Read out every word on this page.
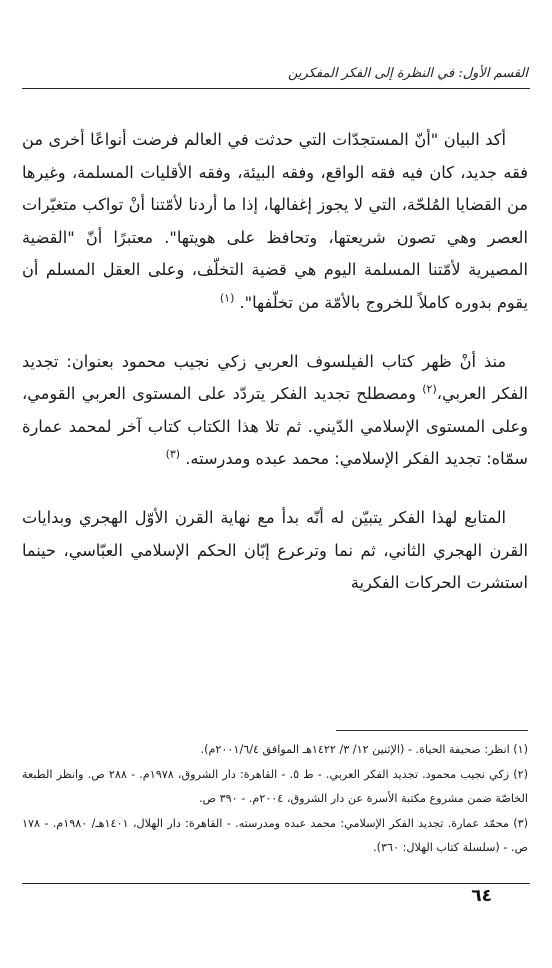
القسم الأول: في النظرة إلى الفكر المفكرين

أكد البيان "أنّ المستجدّات التي حدثت في العالم فرضت أنواعًا أخرى من فقه جديد، كان فيه فقه الواقع، وفقه البيئة، وفقه الأقليات المسلمة، وغيرها من القضايا المُلحّة، التي لا يجوز إغفالها، إذا ما أردنا لأمّتنا أنْ تواكب متغيّرات العصر وهي تصون شريعتها، وتحافظ على هويتها". معتبرًا أنّ "القضية المصيرية لأمّتنا المسلمة اليوم هي قضية التخلّف، وعلى العقل المسلم أن يقوم بدوره كاملاً للخروج بالأمّة من تخلّفها". $^{(١)}$

منذ أنْ ظهر كتاب الفيلسوف العربي زكي نجيب محمود بعنوان: تجديد الفكر العربي،$^{(٢)}$ ومصطلح تجديد الفكر يتردّد على المستوى العربي القومي، وعلى المستوى الإسلامي الدّيني. ثم تلا هذا الكتاب كتاب آخر لمحمد عمارة سمّاه: تجديد الفكر الإسلامي: محمد عبده ومدرسته. $^{(٣)}$

المتابع لهذا الفكر يتبيّن له أنّه بدأ مع نهاية القرن الأوّل الهجري وبدايات القرن الهجري الثاني، ثم نما وترعرع إبّان الحكم الإسلامي العبّاسي، حينما استشرت الحركات الفكرية

(١) انظر: صحيفة الحياة. - (الإثنين ١٢/ ٣/ ١٤٢٢هـ الموافق ٢٠٠١/٦/٤م).

(٢) زكي نجيب محمود. تجديد الفكر العربي. - ط ٥. - القاهرة: دار الشروق، ١٩٧٨م. - ٢٨٨ ص. وانظر الطبعة الخاصّة ضمن مشروع مكتبة الأسرة عن دار الشروق، ٢٠٠٤م. - ٣٩٠ ص.

(٣) محمّد عمارة. تجديد الفكر الإسلامي: محمد عبده ومدرسته. - القاهرة: دار الهلال، ١٤٠١هـ/ ١٩٨٠م. - ١٧٨ ص. - (سلسلة كتاب الهلال: ٣٦٠).

٦٤
